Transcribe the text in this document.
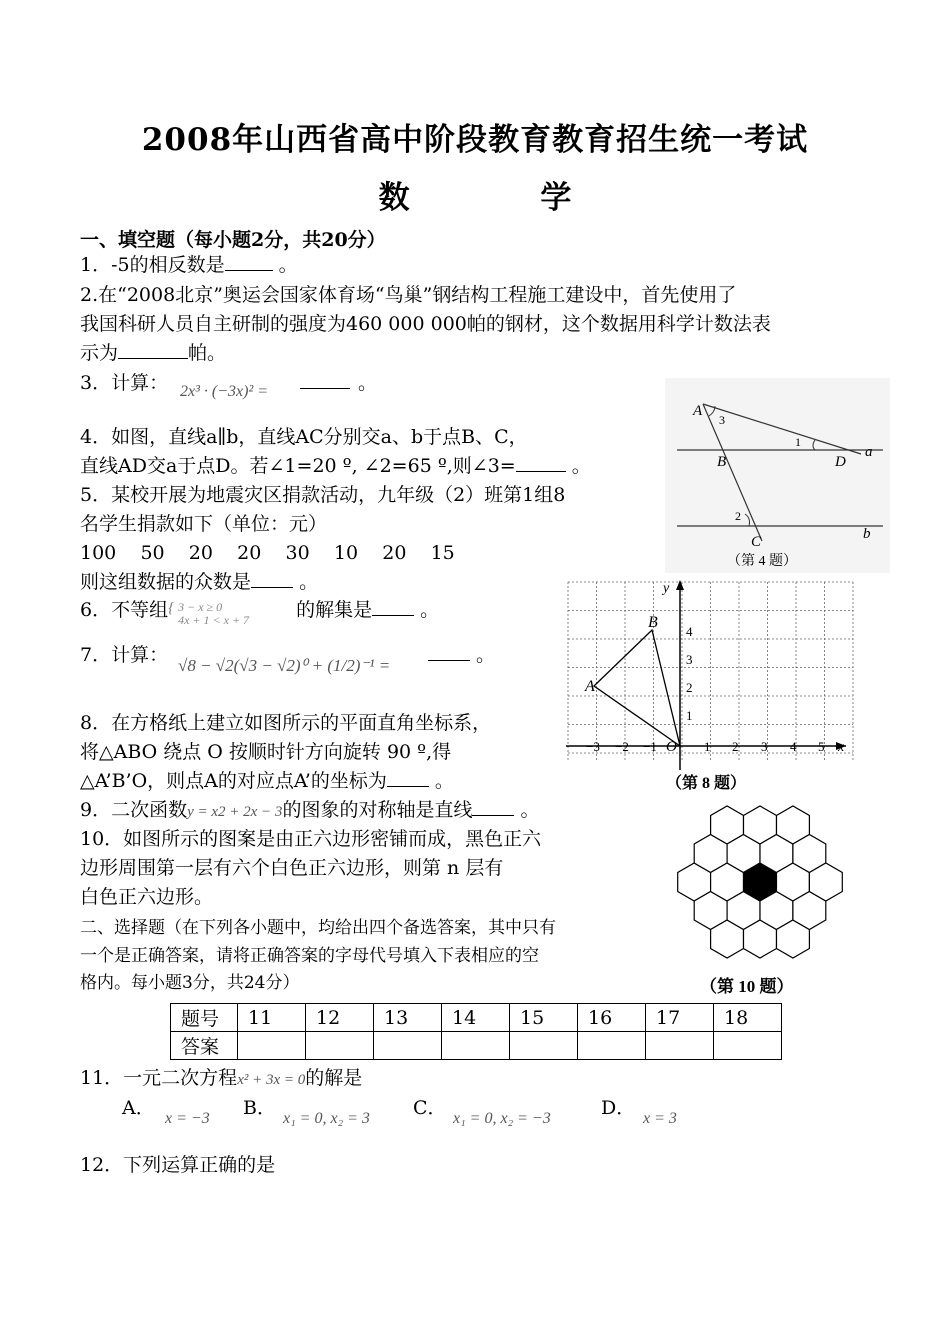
2008年山西省高中阶段教育教育招生统一考试
数 学
一、填空题（每小题2分，共20分）
1．-5的相反数是	。
2.在“2008北京”奥运会国家体育场“鸟巢”钢结构工程施工建设中，首先使用了
我国科研人员自主研制的强度为460 000 000帕的钢材，这个数据用科学计数法表
示为	帕。
3．计算： 2x³ · (−3x)² =	。
4．如图，直线a∥b，直线AC分别交a、b于点B、C，
直线AD交a于点D。若∠1=20 º, ∠2=65 º,则∠3=	。
5．某校开展为地震灾区捐款活动，九年级（2）班第1组8
名学生捐款如下（单位：元）
100 50 20 20 30 10 20 15
则这组数据的众数是	。
6．不等组 { 3 − x ≥ 0
4x + 1 < x + 7 的解集是	。
7．计算： √8 − √2(√3 − √2)⁰ + (1/2)⁻¹ =	。
8．在方格纸上建立如图所示的平面直角坐标系，
将△ABO 绕点 O 按顺时针方向旋转 90 º,得
△A’B’O，则点A的对应点A’的坐标为	。
9．二次函数y = x2 + 2x − 3的图象的对称轴是直线	。
10．如图所示的图案是由正六边形密铺而成，黑色正六
边形周围第一层有六个白色正六边形，则第 n 层有
白色正六边形。
二、选择题（在下列各小题中，均给出四个备选答案，其中只有
一个是正确答案，请将正确答案的字母代号填入下表相应的空
格内。每小题3分，共24分）
题号	11	12	13	14	15	16	17	18
答案								
11．一元二次方程x² + 3x = 0的解是
A． x = −3 B． x₁ = 0, x₂ = 3 C． x₁ = 0, x₂ = −3	D． x = 3
12．下列运算正确的是
A
3
1
D
a
B
2
C	b
（第 4 题）
A
B
−3 −2 −1 O 1 2 3 4 5 x
y
4
3
2
1
（第 8 题）
（第 10 题）
